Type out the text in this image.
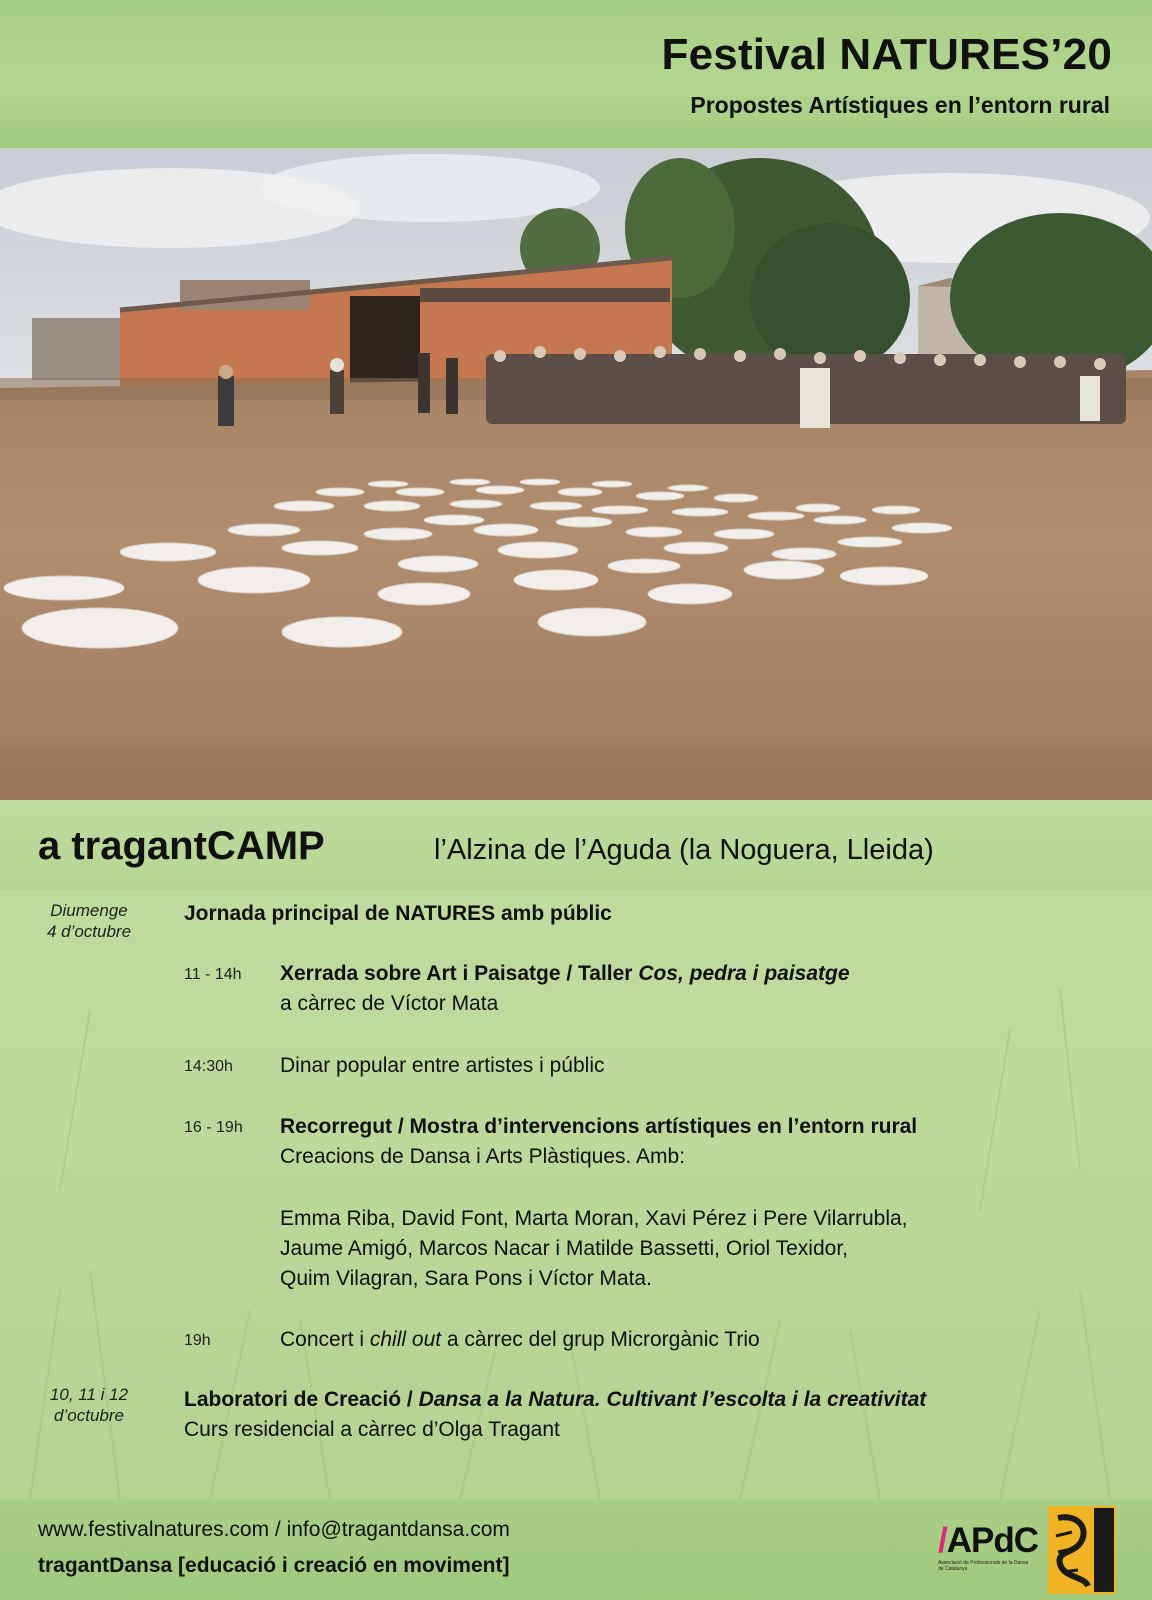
Festival NATURES’20
Propostes Artístiques en l’entorn rural
a tragantCAMP	l’Alzina de l’Aguda (la Noguera, Lleida)
Diumenge
4 d’octubre
Jornada principal de NATURES amb públic
11 - 14h Xerrada sobre Art i Paisatge / Taller Cos, pedra i paisatge
a càrrec de Víctor Mata
14:30h Dinar popular entre artistes i públic
16 - 19h Recorregut / Mostra d’intervencions artístiques en l’entorn rural
Creacions de Dansa i Arts Plàstiques. Amb:
Emma Riba, David Font, Marta Moran, Xavi Pérez i Pere Vilarrubla,
Jaume Amigó, Marcos Nacar i Matilde Bassetti, Oriol Texidor,
Quim Vilagran, Sara Pons i Víctor Mata.
19h	Concert i chill out a càrrec del grup Microrgànic Trio
10, 11 i 12
d’octubre
Laboratori de Creació / Dansa a la Natura. Cultivant l’escolta i la creativitat
Curs residencial a càrrec d’Olga Tragant
www.festivalnatures.com / info@tragantdansa.com
tragantDansa [educació i creació en moviment]
/APdC
Associació de Professionals de la Dansa de Catalunya
